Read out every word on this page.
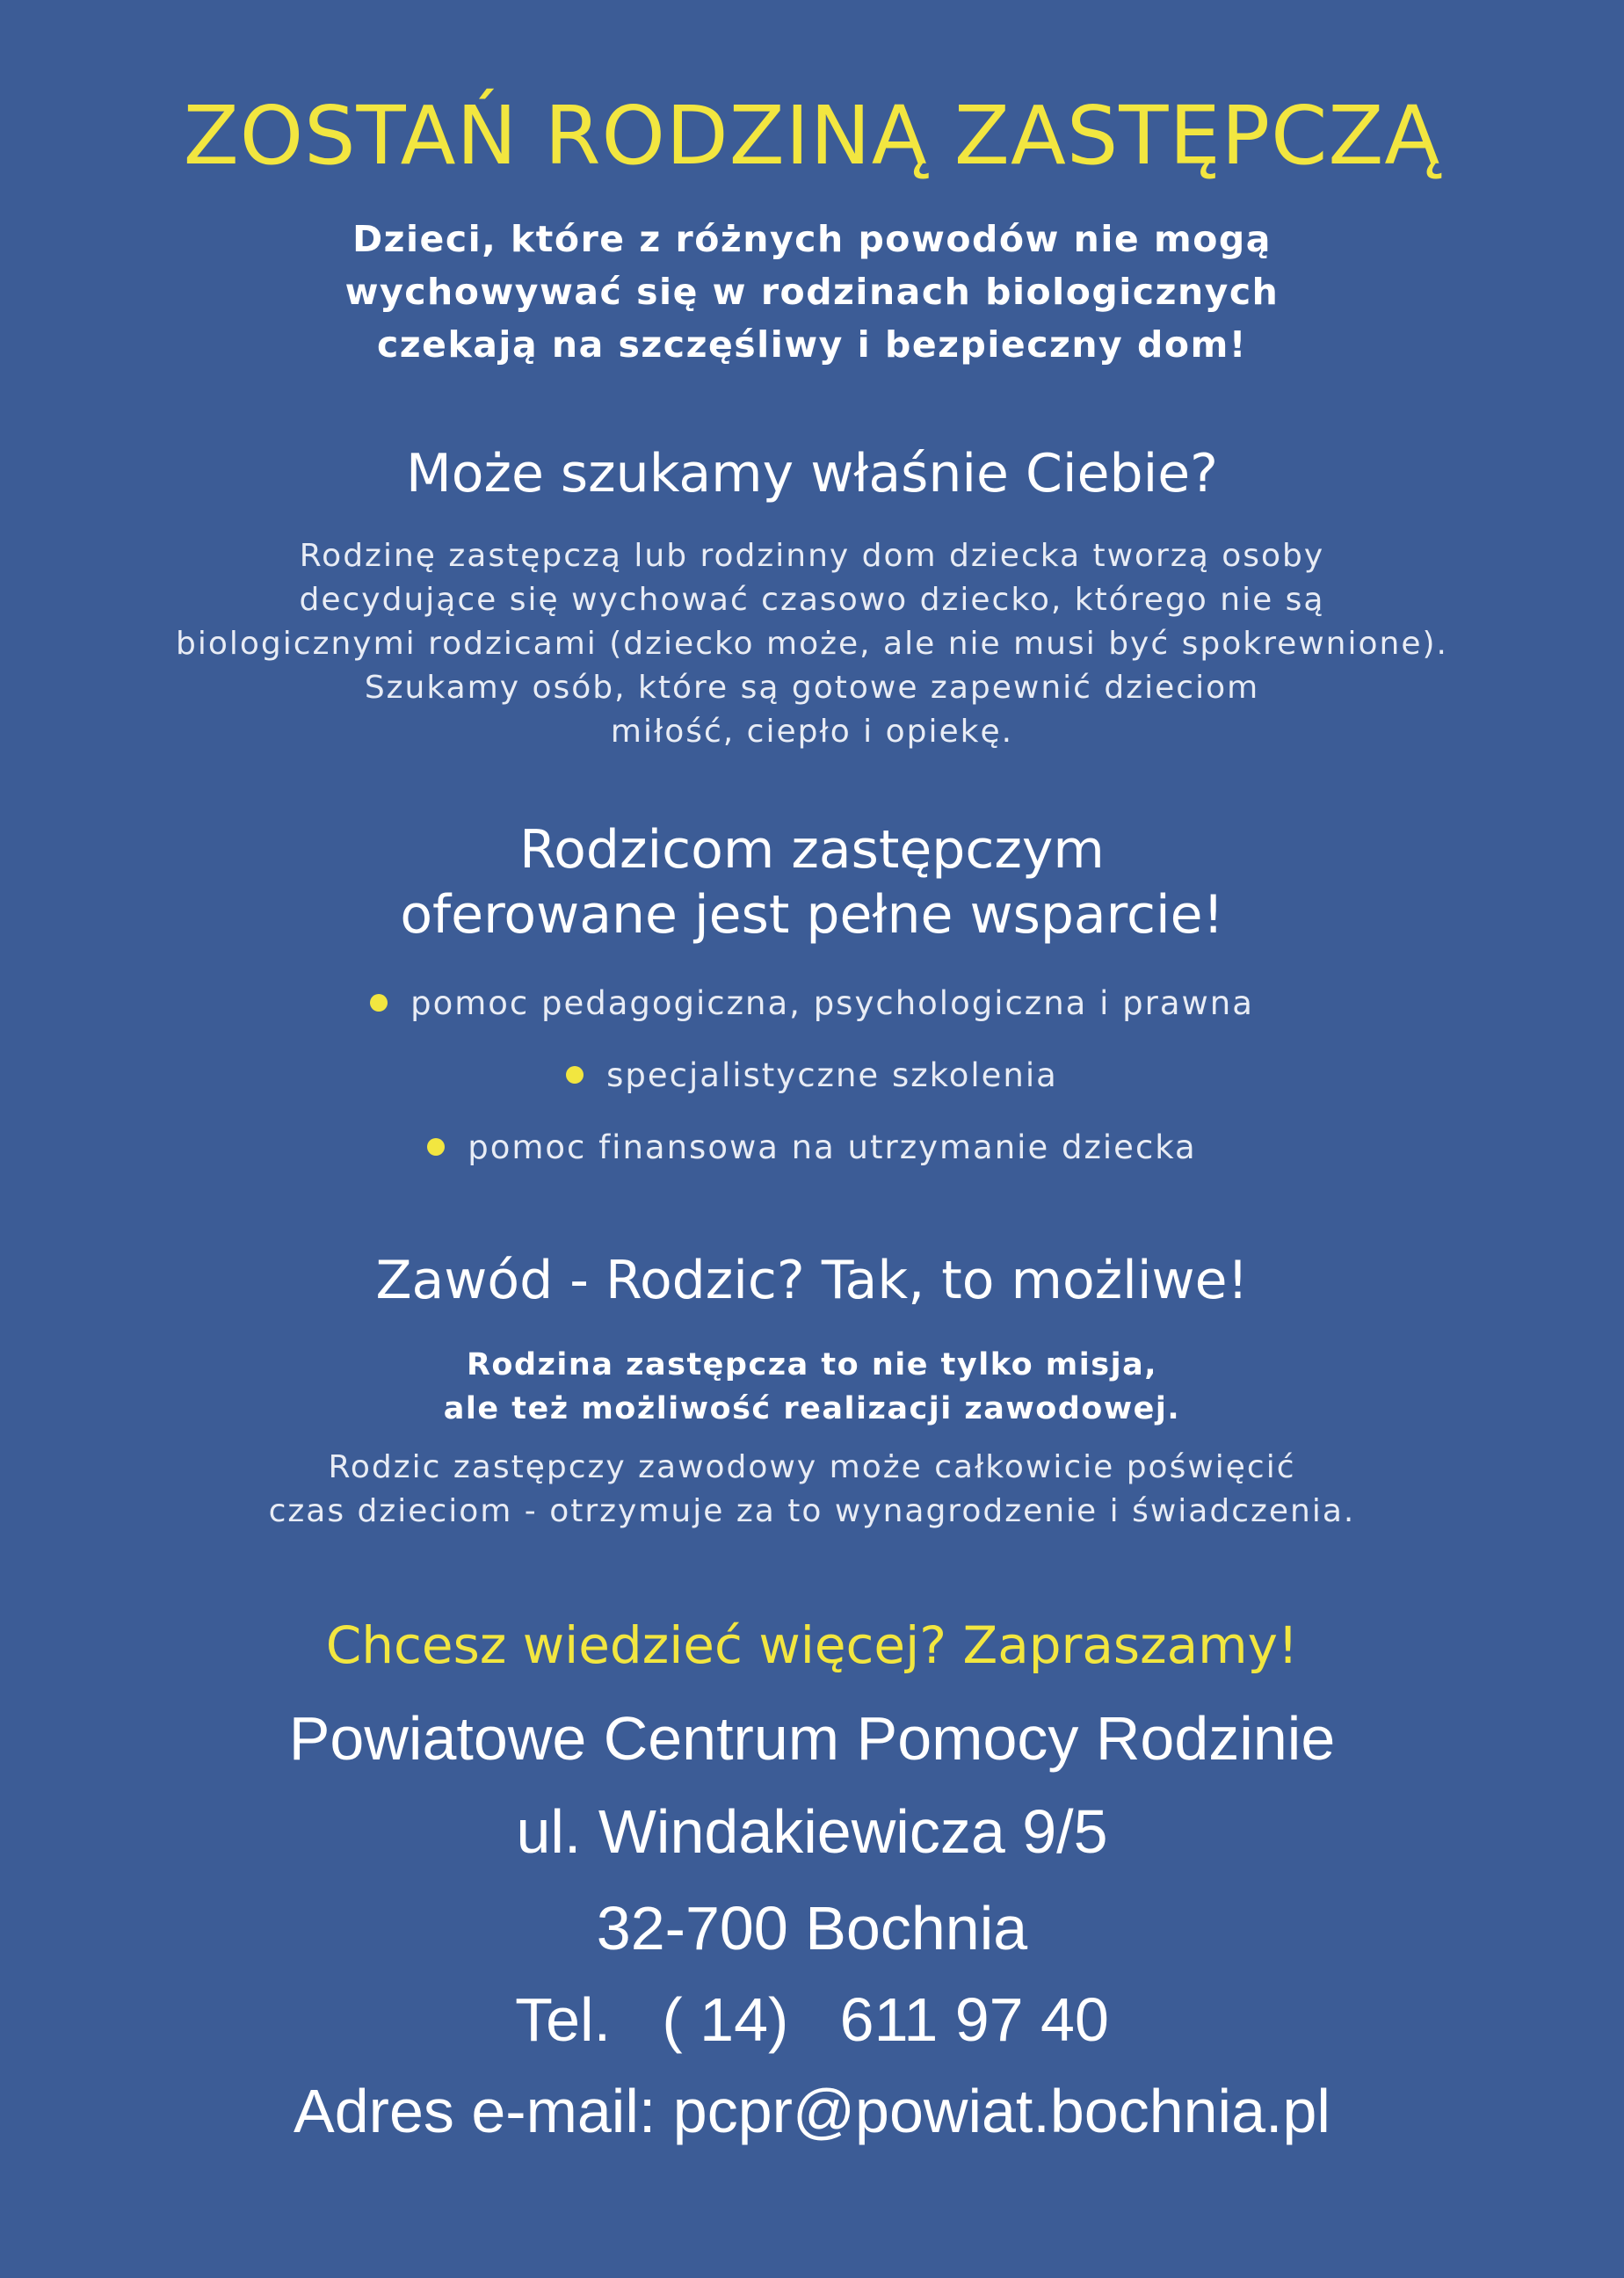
ZOSTAŃ RODZINĄ ZASTĘPCZĄ
Dzieci, które z różnych powodów nie mogą
wychowywać się w rodzinach biologicznych
czekają na szczęśliwy i bezpieczny dom!
Może szukamy właśnie Ciebie?
Rodzinę zastępczą lub rodzinny dom dziecka tworzą osoby
decydujące się wychować czasowo dziecko, którego nie są
biologicznymi rodzicami (dziecko może, ale nie musi być spokrewnione).
Szukamy osób, które są gotowe zapewnić dzieciom
miłość, ciepło i opiekę.
Rodzicom zastępczym
oferowane jest pełne wsparcie!
pomoc pedagogiczna, psychologiczna i prawna
specjalistyczne szkolenia
pomoc finansowa na utrzymanie dziecka
Zawód - Rodzic? Tak, to możliwe!
Rodzina zastępcza to nie tylko misja,
ale też możliwość realizacji zawodowej.
Rodzic zastępczy zawodowy może całkowicie poświęcić
czas dzieciom - otrzymuje za to wynagrodzenie i świadczenia.
Chcesz wiedzieć więcej? Zapraszamy!
Powiatowe Centrum Pomocy Rodzinie
ul. Windakiewicza 9/5
32-700 Bochnia
Tel.   ( 14)   611 97 40
Adres e-mail: pcpr@powiat.bochnia.pl
